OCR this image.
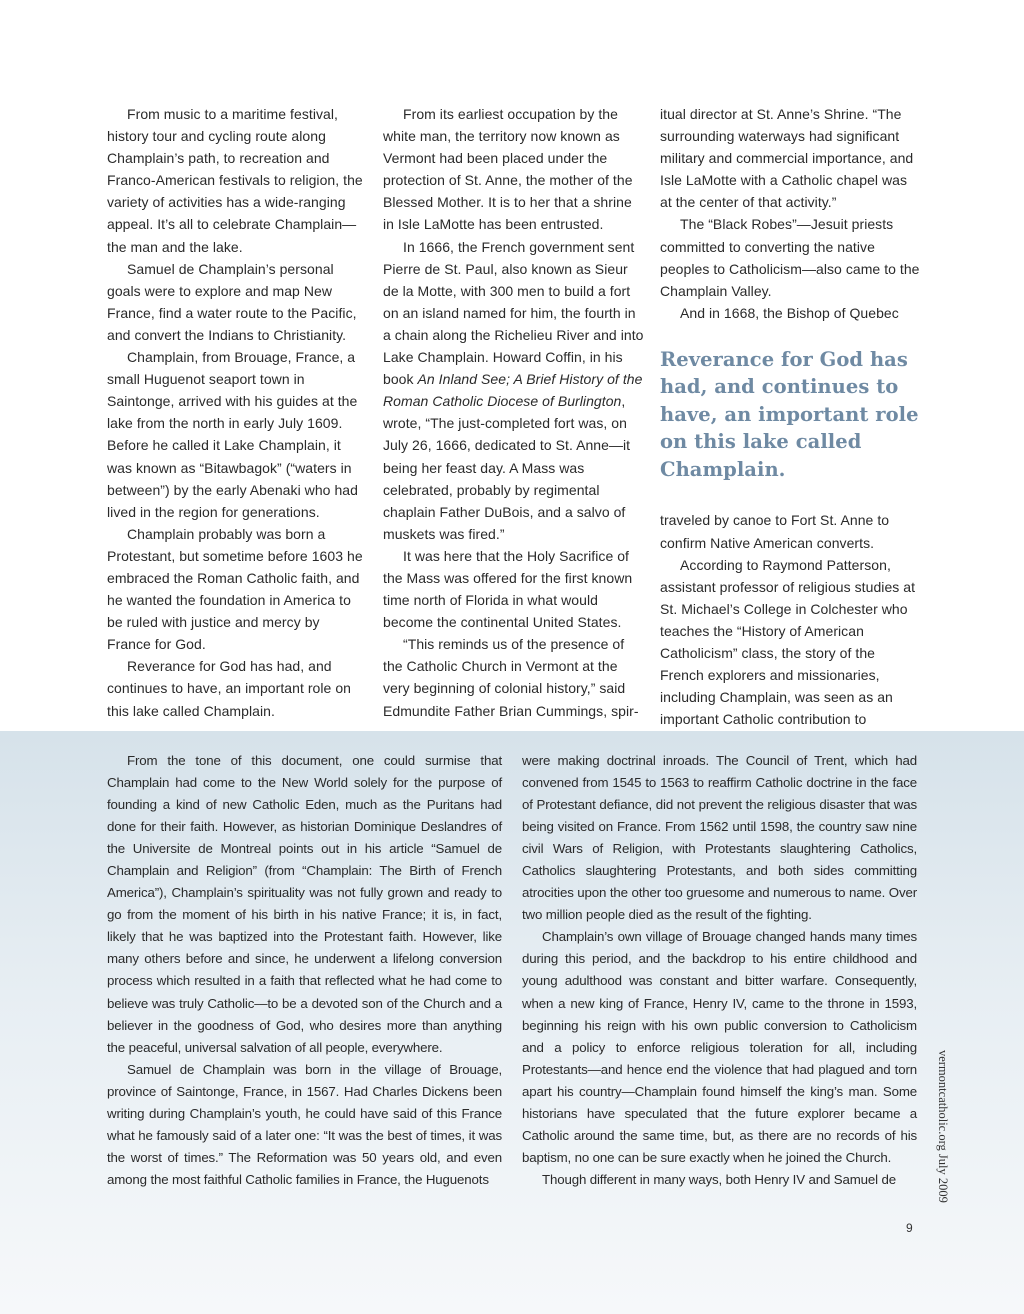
From music to a maritime festival, history tour and cycling route along Champlain’s path, to recreation and Franco-American festivals to religion, the variety of activities has a wide-ranging appeal. It’s all to celebrate Champlain—the man and the lake.

Samuel de Champlain’s personal goals were to explore and map New France, find a water route to the Pacific, and convert the Indians to Christianity.

Champlain, from Brouage, France, a small Huguenot seaport town in Saintonge, arrived with his guides at the lake from the north in early July 1609. Before he called it Lake Champlain, it was known as “Bitawbagok” (“waters in between”) by the early Abenaki who had lived in the region for generations.

Champlain probably was born a Protestant, but sometime before 1603 he embraced the Roman Catholic faith, and he wanted the foundation in America to be ruled with justice and mercy by France for God.

Reverance for God has had, and continues to have, an important role on this lake called Champlain.

From its earliest occupation by the white man, the territory now known as Vermont had been placed under the protection of St. Anne, the mother of the Blessed Mother. It is to her that a shrine in Isle LaMotte has been entrusted.

In 1666, the French government sent Pierre de St. Paul, also known as Sieur de la Motte, with 300 men to build a fort on an island named for him, the fourth in a chain along the Richelieu River and into Lake Champlain. Howard Coffin, in his book An Inland See; A Brief History of the Roman Catholic Diocese of Burlington, wrote, “The just-completed fort was, on July 26, 1666, dedicated to St. Anne—it being her feast day. A Mass was celebrated, probably by regimental chaplain Father DuBois, and a salvo of muskets was fired.”

It was here that the Holy Sacrifice of the Mass was offered for the first known time north of Florida in what would become the continental United States.

“This reminds us of the presence of the Catholic Church in Vermont at the very beginning of colonial history,” said Edmundite Father Brian Cummings, spir-

itual director at St. Anne’s Shrine. “The surrounding waterways had significant military and commercial importance, and Isle LaMotte with a Catholic chapel was at the center of that activity.”

The “Black Robes”—Jesuit priests committed to converting the native peoples to Catholicism—also came to the Champlain Valley.

And in 1668, the Bishop of Quebec

Reverance for God has had, and continues to have, an important role on this lake called Champlain.

traveled by canoe to Fort St. Anne to confirm Native American converts.

According to Raymond Patterson, assistant professor of religious studies at St. Michael’s College in Colchester who teaches the “History of American Catholicism” class, the story of the French explorers and missionaries, including Champlain, was seen as an important Catholic contribution to

From the tone of this document, one could surmise that Champlain had come to the New World solely for the purpose of founding a kind of new Catholic Eden, much as the Puritans had done for their faith. However, as historian Dominique Deslandres of the Universite de Montreal points out in his article “Samuel de Champlain and Religion” (from “Champlain: The Birth of French America”), Champlain’s spirituality was not fully grown and ready to go from the moment of his birth in his native France; it is, in fact, likely that he was baptized into the Protestant faith. However, like many others before and since, he underwent a lifelong conversion process which resulted in a faith that reflected what he had come to believe was truly Catholic—to be a devoted son of the Church and a believer in the goodness of God, who desires more than anything the peaceful, universal salvation of all people, everywhere.

Samuel de Champlain was born in the village of Brouage, province of Saintonge, France, in 1567. Had Charles Dickens been writing during Champlain’s youth, he could have said of this France what he famously said of a later one: “It was the best of times, it was the worst of times.” The Reformation was 50 years old, and even among the most faithful Catholic families in France, the Huguenots

were making doctrinal inroads. The Council of Trent, which had convened from 1545 to 1563 to reaffirm Catholic doctrine in the face of Protestant defiance, did not prevent the religious disaster that was being visited on France. From 1562 until 1598, the country saw nine civil Wars of Religion, with Protestants slaughtering Catholics, Catholics slaughtering Protestants, and both sides committing atrocities upon the other too gruesome and numerous to name. Over two million people died as the result of the fighting.

Champlain’s own village of Brouage changed hands many times during this period, and the backdrop to his entire childhood and young adulthood was constant and bitter warfare. Consequently, when a new king of France, Henry IV, came to the throne in 1593, beginning his reign with his own public conversion to Catholicism and a policy to enforce religious toleration for all, including Protestants—and hence end the violence that had plagued and torn apart his country—Champlain found himself the king’s man. Some historians have speculated that the future explorer became a Catholic around the same time, but, as there are no records of his baptism, no one can be sure exactly when he joined the Church.

Though different in many ways, both Henry IV and Samuel de	vermontcatholic.org July 2009
9
